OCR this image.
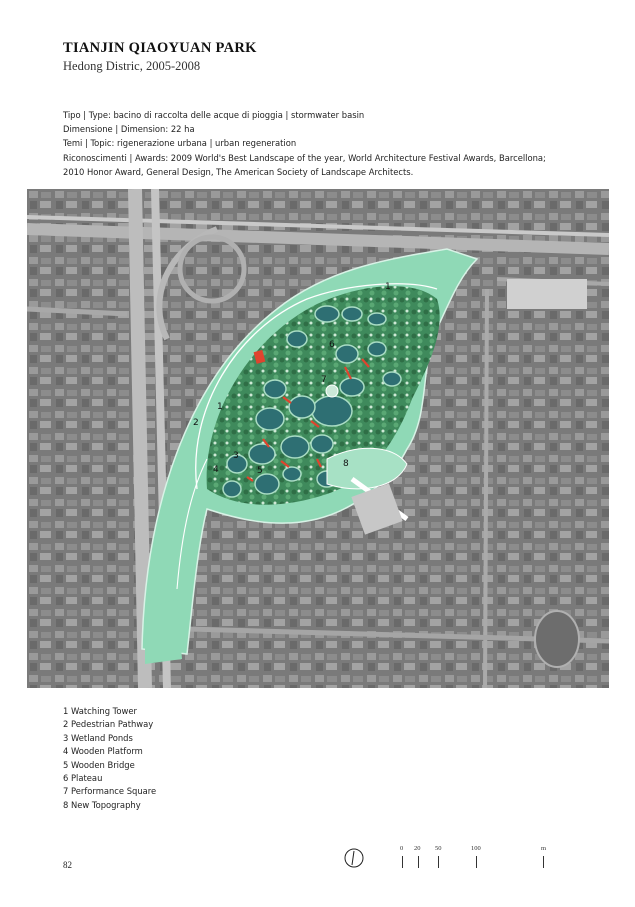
TIANJIN QIAOYUAN PARK
Hedong Distric, 2005-2008
Tipo | Type: bacino di raccolta delle acque di pioggia | stormwater basin
Dimensione | Dimension: 22 ha
Temi | Topic: rigenerazione urbana | urban regeneration
Riconoscimenti | Awards: 2009 World's Best Landscape of the year, World Architecture Festival Awards, Barcellona;
2010 Honor Award, General Design, The American Society of Landscape Architects.
1
1
2
3
4	5
6
7
8
1 Watching Tower
2 Pedestrian Pathway
3 Wetland Ponds
4 Wooden Platform
5 Wooden Bridge
6 Plateau
7 Performance Square
8 New Topography
82
0 20 50	100	m
